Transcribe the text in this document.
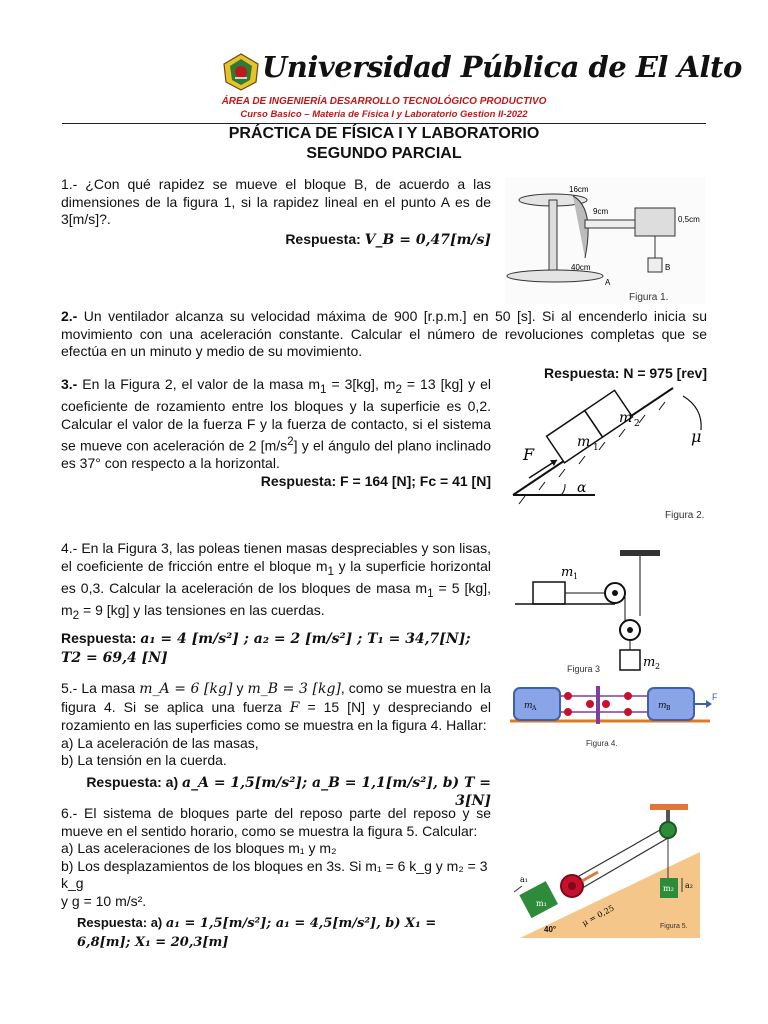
Universidad Pública de El Alto
ÁREA DE INGENIERÍA DESARROLLO TECNOLÓGICO PRODUCTIVO
Curso Basico – Materia de Física I y Laboratorio Gestion II-2022
PRÁCTICA DE FÍSICA I Y LABORATORIO
SEGUNDO PARCIAL

1.- ¿Con qué rapidez se mueve el bloque B, de acuerdo a las dimensiones de la figura 1, si la rapidez lineal en el punto A es de 3[m/s]?.

Respuesta: V_B = 0,47[m/s]
16cm
9cm
0,5cm
40cm
A
B
Figura 1.

2.- Un ventilador alcanza su velocidad máxima de 900 [r.p.m.] en 50 [s]. Si al encenderlo inicia su movimiento con una aceleración constante. Calcular el número de revoluciones completas que se efectúa en un minuto y medio de su movimiento.

Respuesta: N = 975 [rev]

3.- En la Figura 2, el valor de la masa $m_1 = 3[kg]$, $m_2 = 13$ [kg] y el coeficiente de rozamiento entre los bloques y la superficie es 0,2. Calcular el valor de la fuerza F y la fuerza de contacto, si el sistema se mueve con aceleración de 2 $[m/s^2]$ y el ángulo del plano inclinado es 37° con respecto a la horizontal.

Respuesta: F = 164 [N]; Fc = 41 [N]
F
m 1
m 2
μ
α
Figura 2.

4.- En la Figura 3, las poleas tienen masas despreciables y son lisas, el coeficiente de fricción entre el bloque $m_1$ y la superficie horizontal es 0,3. Calcular la aceleración de los bloques de masa $m_1 = 5$ [kg], $m_2 = 9$ [kg] y las tensiones en las cuerdas.

Respuesta: a₁ = 4 [m/s²] ; a₂ = 2 [m/s²] ; T₁ = 34,7[N]; T2 = 69,4 [N]
m 1
m 2
Figura 3

5.- La masa m_A = 6 [kg] y m_B = 3 [kg], como se muestra en la figura 4. Si se aplica una fuerza F = 15 [N] y despreciando el rozamiento en las superficies como se muestra en la figura 4. Hallar:

a) La aceleración de las masas,

b) La tensión en la cuerda.

Respuesta: a) a_A = 1,5[m/s²]; a_B = 1,1[m/s²], b) T = 3[N]
m A	m B
F
Figura 4.

6.- El sistema de bloques parte del reposo parte del reposo y se mueve en el sentido horario, como se muestra la figura 5. Calcular:

a) Las aceleraciones de los bloques m₁ y m₂

b) Los desplazamientos de los bloques en 3s. Si m₁ = 6 k_g y m₂ = 3 k_g

y g = 10 m/s².

Respuesta: a) a₁ = 1,5[m/s²]; a₁ = 4,5[m/s²], b) X₁ = 6,8[m]; X₁ = 20,3[m]
m₁
m₂
a₁
a₂
μ = 0,25
40°	Figura 5.
